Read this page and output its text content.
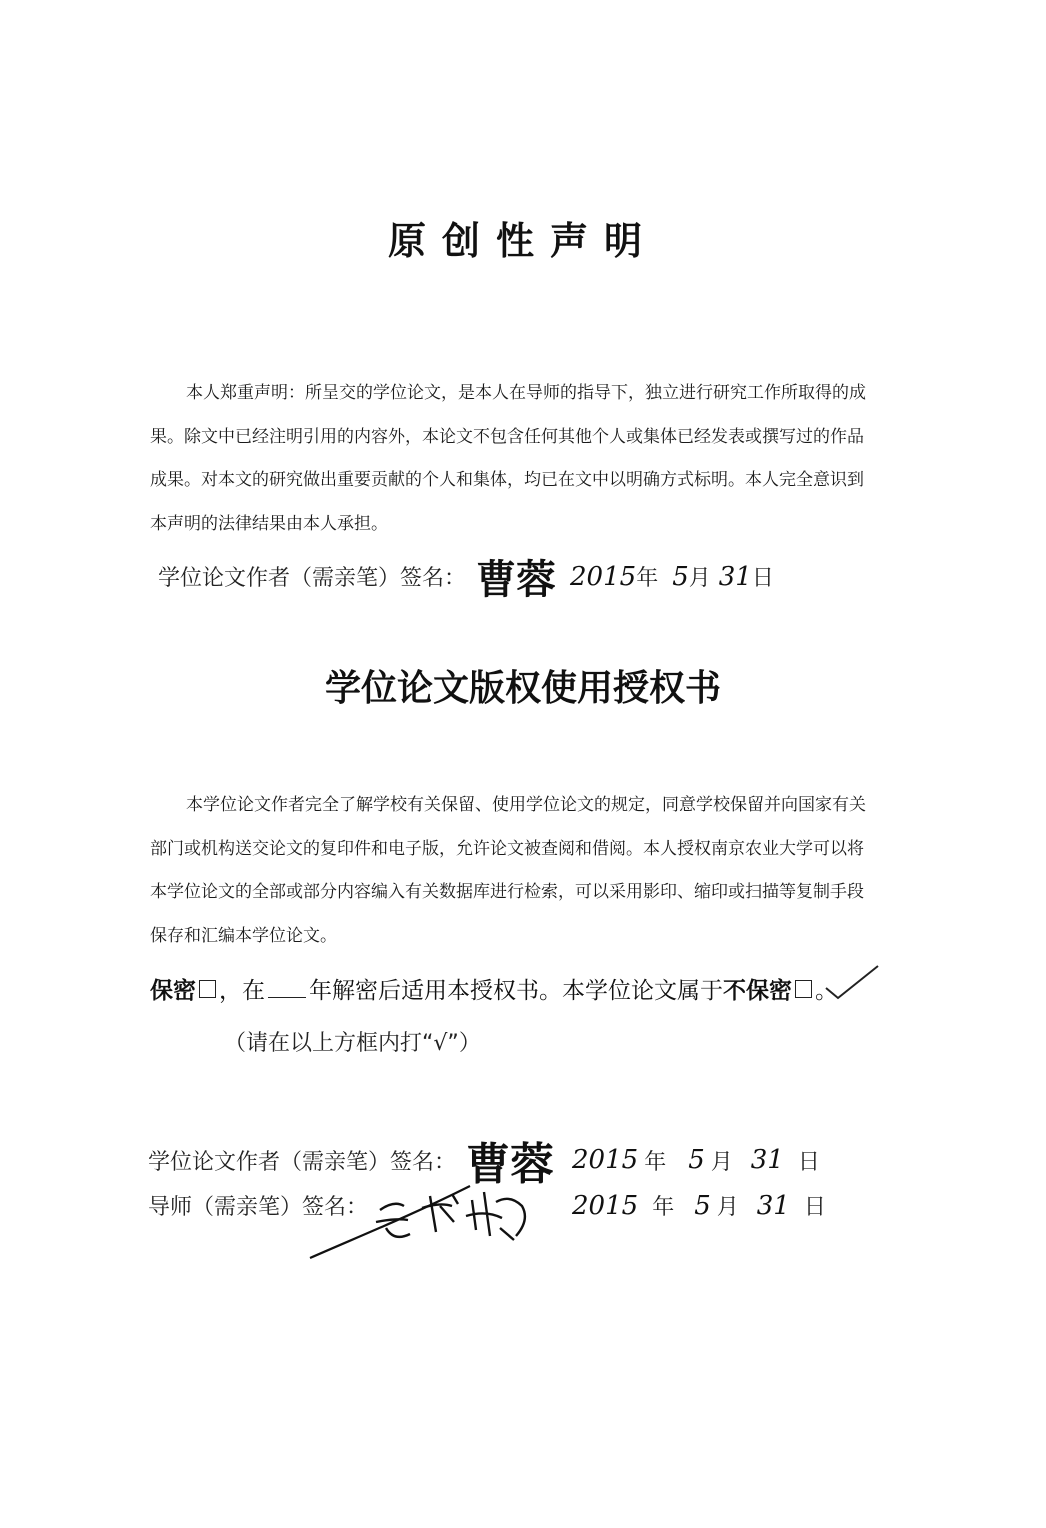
原创性声明

本人郑重声明：所呈交的学位论文，是本人在导师的指导下，独立进行研究工作所取得的成

果。除文中已经注明引用的内容外，本论文不包含任何其他个人或集体已经发表或撰写过的作品

成果。对本文的研究做出重要贡献的个人和集体，均已在文中以明确方式标明。本人完全意识到

本声明的法律结果由本人承担。

学位论文作者（需亲笔）签名： 曹蓉 2015 年 5 月 31 日
学位论文版权使用授权书

本学位论文作者完全了解学校有关保留、使用学位论文的规定，同意学校保留并向国家有关

部门或机构送交论文的复印件和电子版，允许论文被查阅和借阅。本人授权南京农业大学可以将

本学位论文的全部或部分内容编入有关数据库进行检索，可以采用影印、缩印或扫描等复制手段

保存和汇编本学位论文。

保密 ，在 年解密后适用本授权书。本学位论文属于 不保密 。
（请在以上方框内打“√”）
学位论文作者（需亲笔）签名： 曹蓉 2015 年 5 月 31 日
导师（需亲笔）签名：	2015 年 5 月 31 日
